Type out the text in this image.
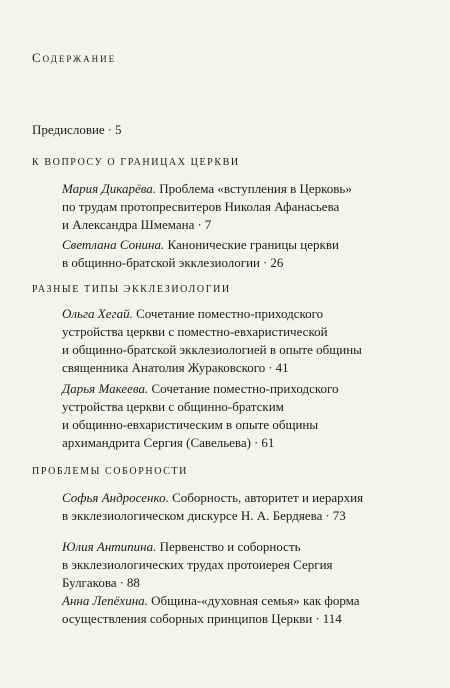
Содержание
Предисловие · 5
К ВОПРОСУ О ГРАНИЦАХ ЦЕРКВИ
Мария Дикарёва. Проблема «вступления в Церковь»
по трудам протопресвитеров Николая Афанасьева
и Александра Шмемана · 7
Светлана Сонина. Канонические границы церкви
в общинно-братской экклезиологии · 26
РАЗНЫЕ ТИПЫ ЭККЛЕЗИОЛОГИИ
Ольга Хегай. Сочетание поместно-приходского
устройства церкви с поместно-евхаристической
и общинно-братской экклезиологией в опыте общины
священника Анатолия Жураковского · 41
Дарья Макеева. Сочетание поместно-приходского
устройства церкви с общинно-братским
и общинно-евхаристическим в опыте общины
архимандрита Сергия (Савельева) · 61
ПРОБЛЕМЫ СОБОРНОСТИ
Софья Андросенко. Соборность, авторитет и иерархия
в экклезиологическом дискурсе Н. А. Бердяева · 73
Юлия Антипина. Первенство и соборность
в экклезиологических трудах протоиерея Сергия
Булгакова · 88
Анна Лепёхина. Община-«духовная семья» как форма
осуществления соборных принципов Церкви · 114
